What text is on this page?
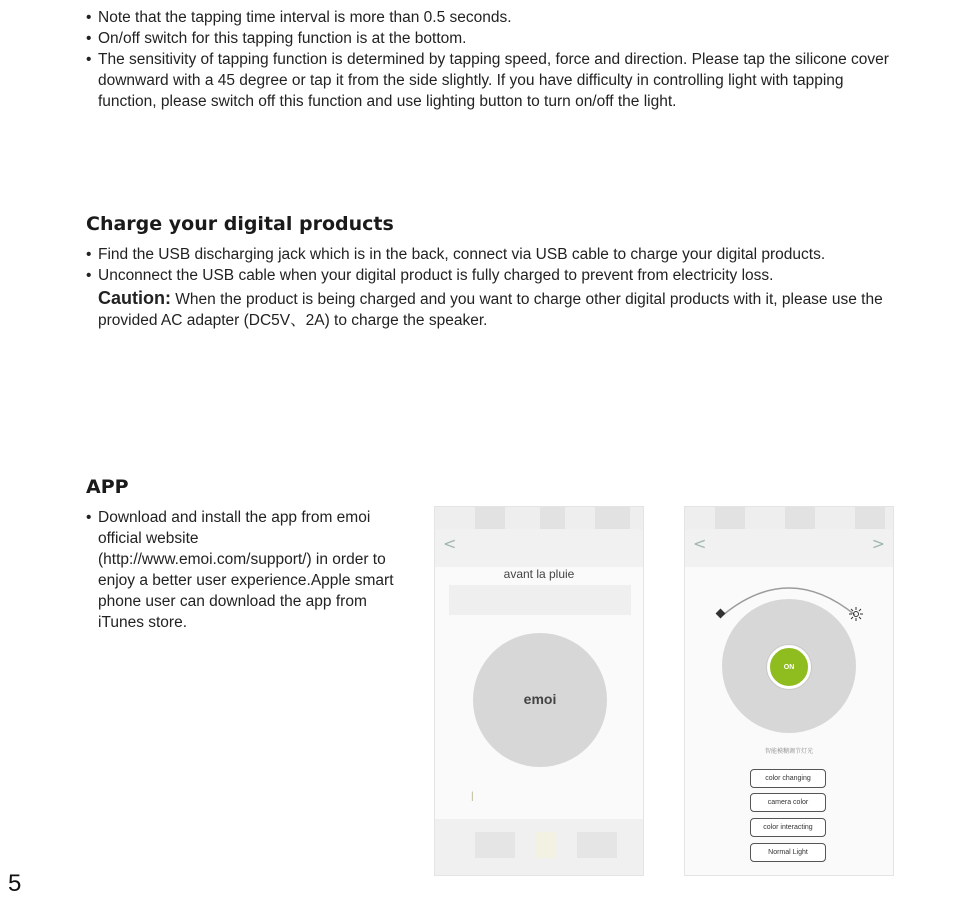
• Note that the tapping time interval is more than 0.5 seconds.

• On/off switch for this tapping function is at the bottom.

• The sensitivity of tapping function is determined by tapping speed, force and direction. Please tap the silicone cover downward with a 45 degree or tap it from the side slightly. If you have difficulty in controlling light with tapping function, please switch off this function and use lighting button to turn on/off the light.

Charge your digital products

• Find the USB discharging jack which is in the back, connect via USB cable to charge your digital products.

• Unconnect the USB cable when your digital product is fully charged to prevent from electricity loss.

Caution: When the product is being charged and you want to charge other digital products with it, please use the provided AC adapter (DC5V、2A) to charge the speaker.

APP

• Download and install the app from emoi official website (http://www.emoi.com/support/) in order to enjoy a better user experience.Apple smart phone user can download the app from iTunes store.

<
avant la pluie
emoi
|
<	>
ON
智能模糊调节灯光
color changing
camera color
color interacting
Normal Light
5
